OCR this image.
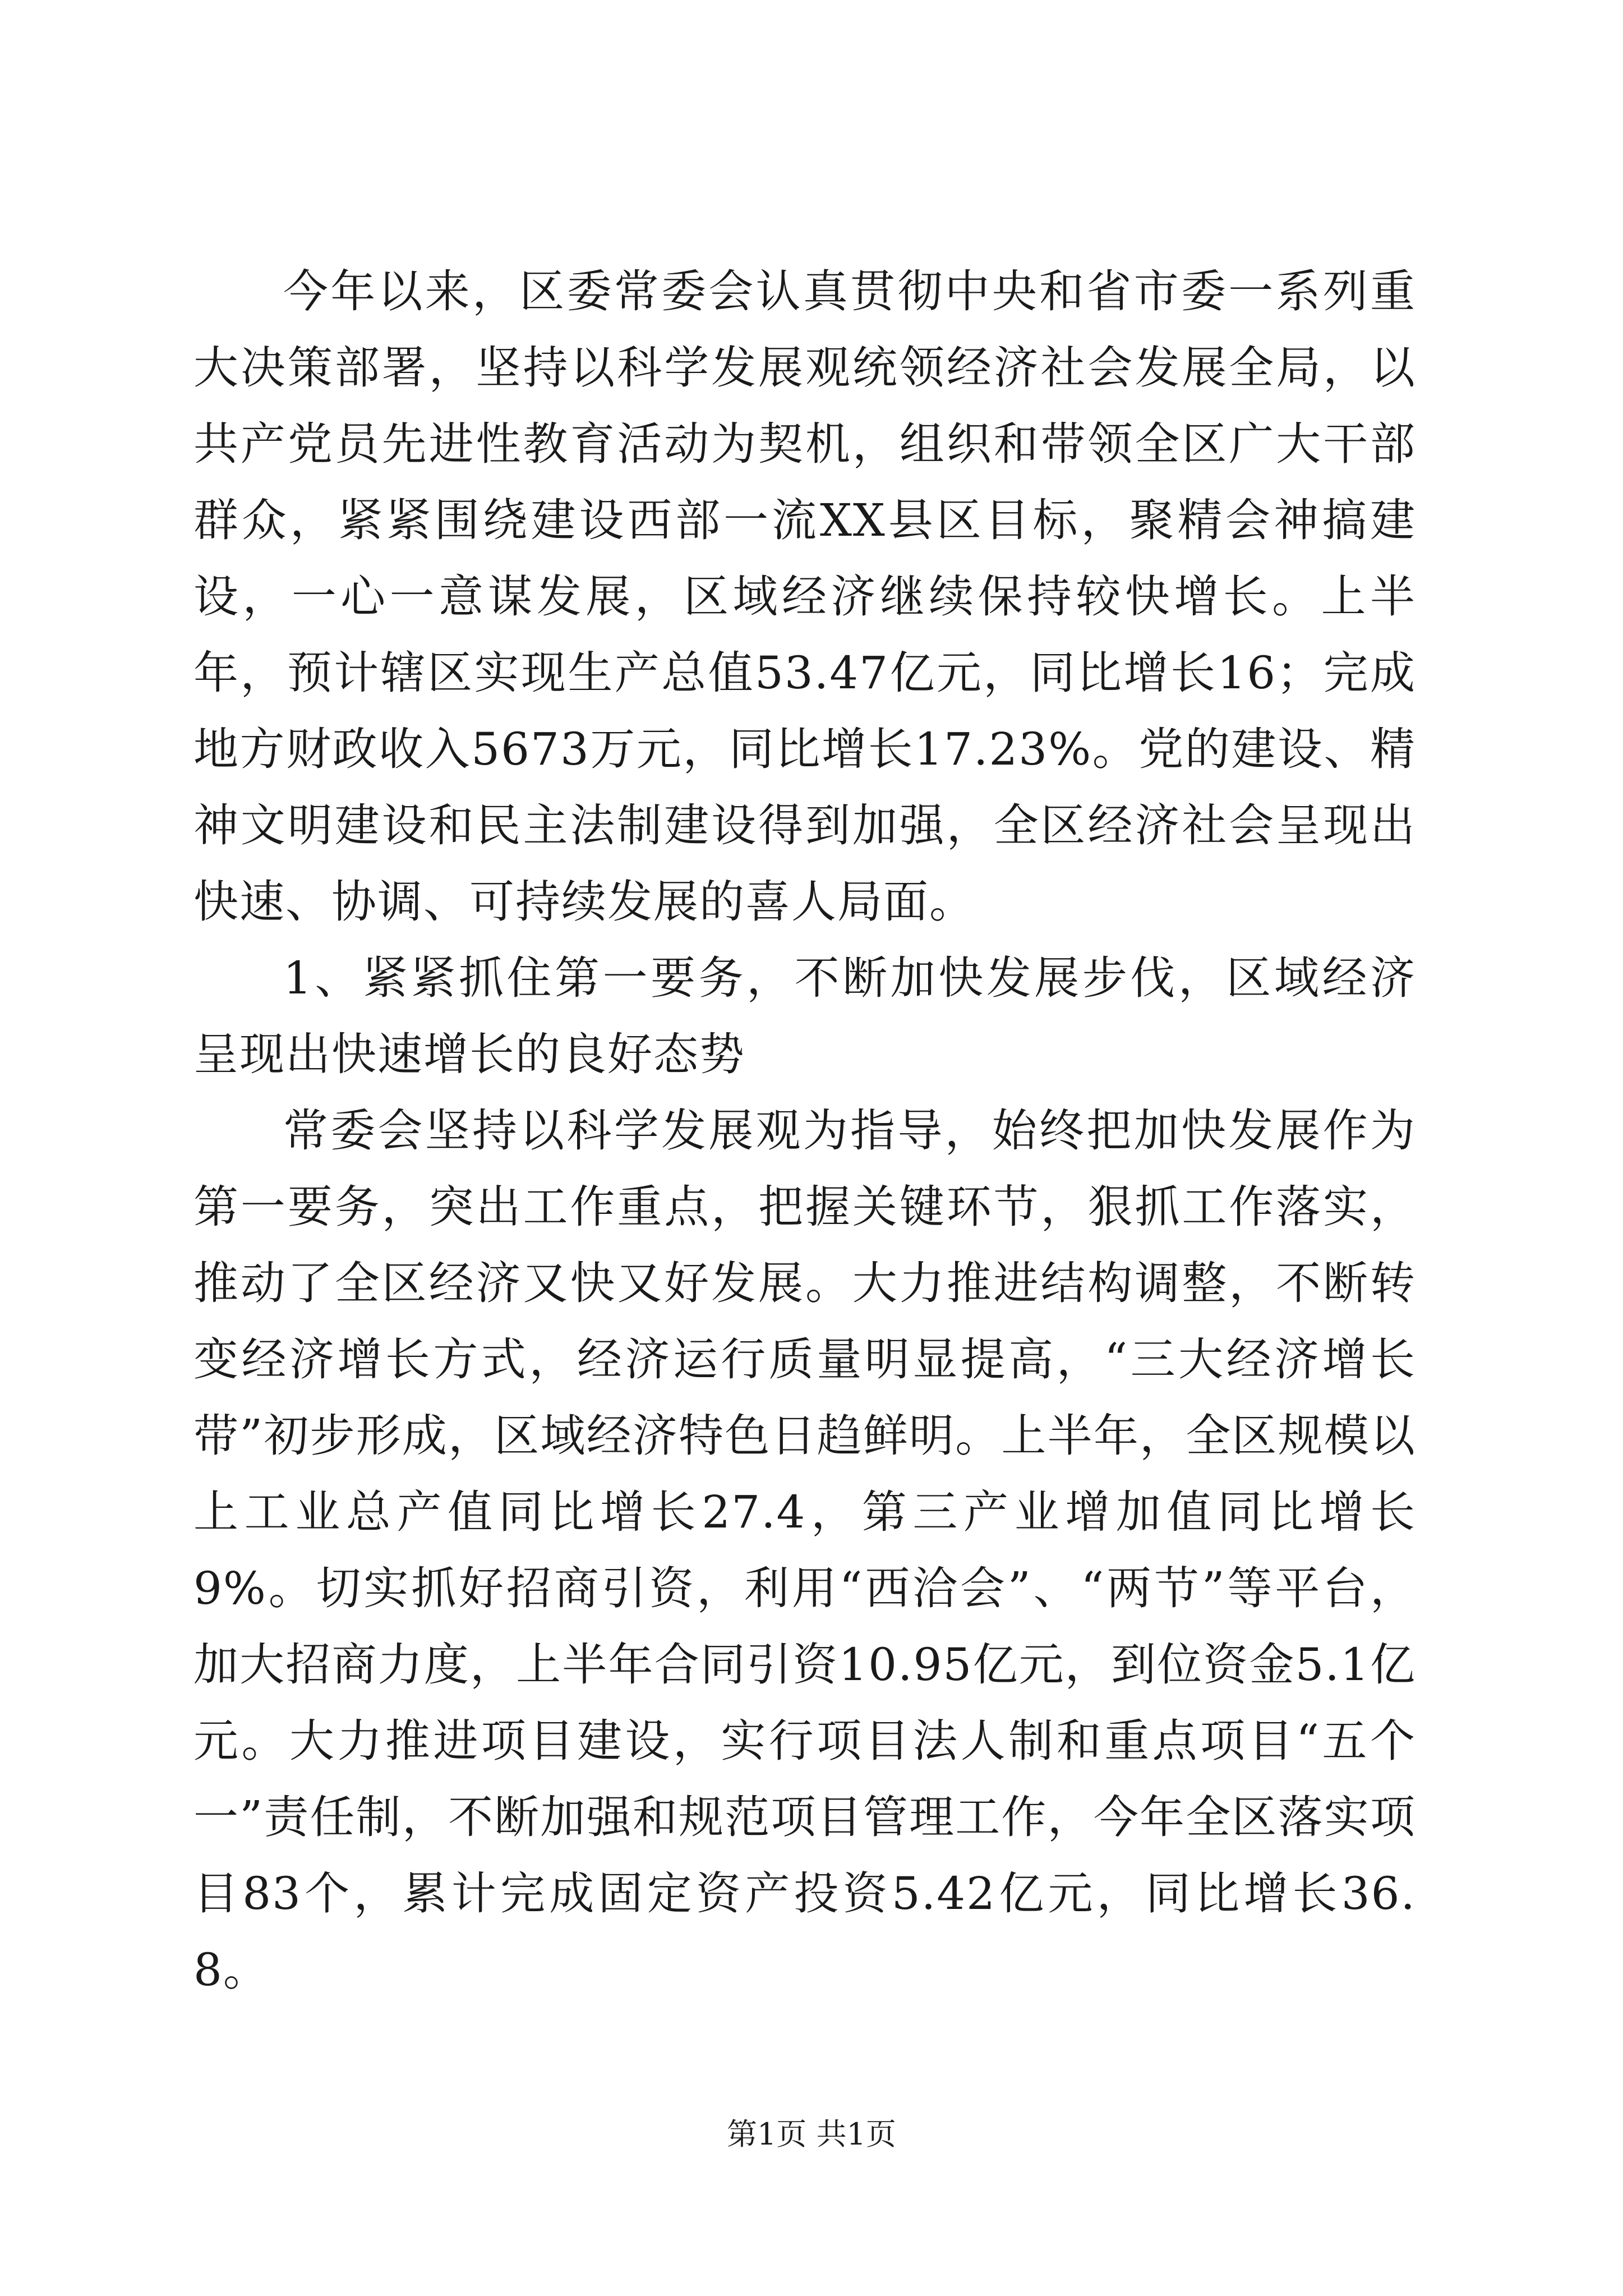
今年以来，区委常委会认真贯彻中央和省市委一系列重大决策部署，坚持以科学发展观统领经济社会发展全局，以共产党员先进性教育活动为契机，组织和带领全区广大干部群众，紧紧围绕建设西部一流XX县区目标，聚精会神搞建设，一心一意谋发展，区域经济继续保持较快增长。上半年，预计辖区实现生产总值53.47亿元，同比增长16；完成地方财政收入5673万元，同比增长17.23%。党的建设、精神文明建设和民主法制建设得到加强，全区经济社会呈现出快速、协调、可持续发展的喜人局面。

1、紧紧抓住第一要务，不断加快发展步伐，区域经济呈现出快速增长的良好态势

常委会坚持以科学发展观为指导，始终把加快发展作为第一要务，突出工作重点，把握关键环节，狠抓工作落实，推动了全区经济又快又好发展。大力推进结构调整，不断转变经济增长方式，经济运行质量明显提高，“三大经济增长带”初步形成，区域经济特色日趋鲜明。上半年，全区规模以上工业总产值同比增长27.4，第三产业增加值同比增长9%。切实抓好招商引资，利用“西洽会”、“两节”等平台，加大招商力度，上半年合同引资10.95亿元，到位资金5.1亿元。大力推进项目建设，实行项目法人制和重点项目“五个一”责任制，不断加强和规范项目管理工作，今年全区落实项目83个，累计完成固定资产投资5.42亿元，同比增长36.8。

第1页 共1页
